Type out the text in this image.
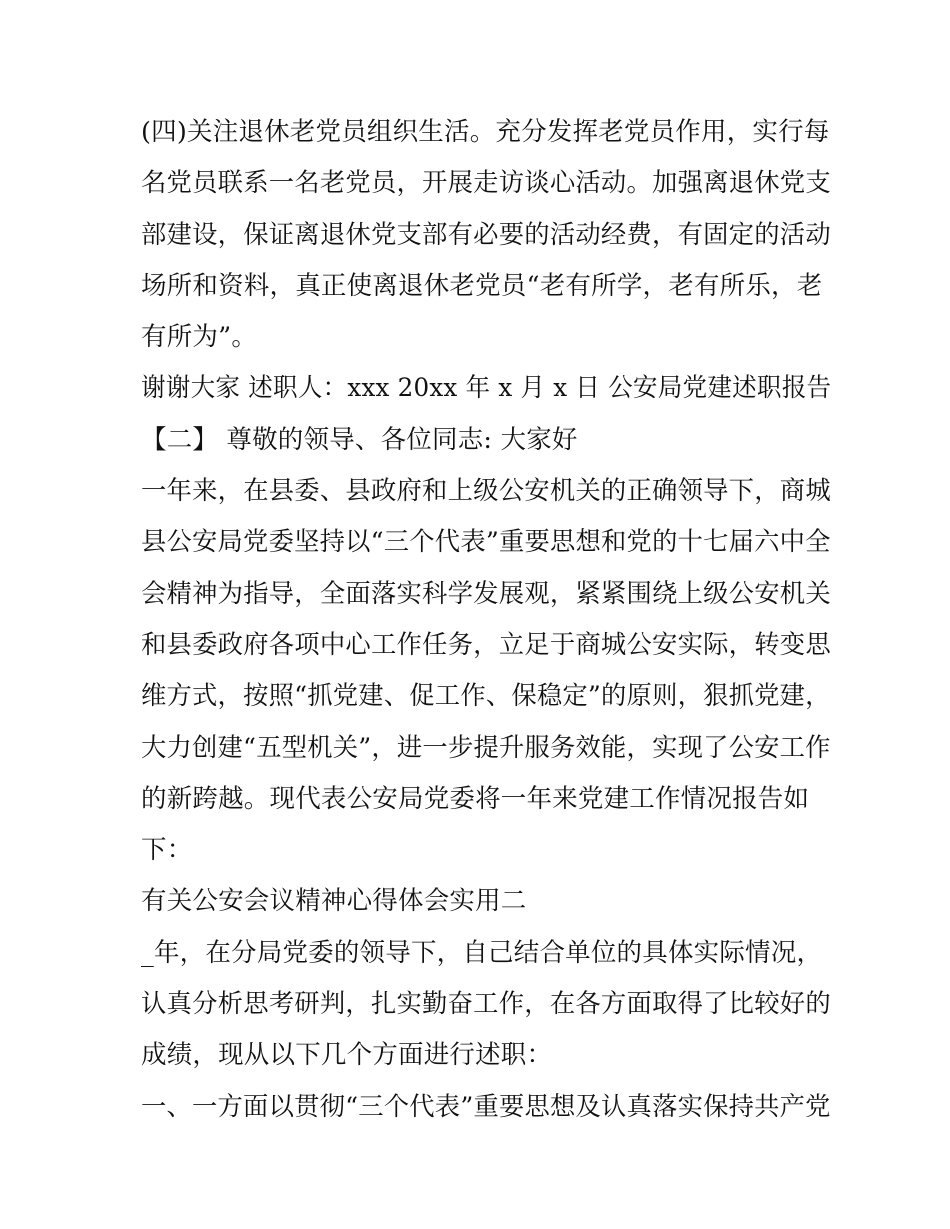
(四)关注退休老党员组织生活。充分发挥老党员作用，实行每
名党员联系一名老党员，开展走访谈心活动。加强离退休党支
部建设，保证离退休党支部有必要的活动经费，有固定的活动
场所和资料，真正使离退休老党员“老有所学，老有所乐，老
有所为”。
谢谢大家 述职人：xxx 20xx 年 x 月 x 日 公安局党建述职报告
【二】 尊敬的领导、各位同志: 大家好
一年来，在县委、县政府和上级公安机关的正确领导下，商城
县公安局党委坚持以“三个代表”重要思想和党的十七届六中全
会精神为指导，全面落实科学发展观，紧紧围绕上级公安机关
和县委政府各项中心工作任务，立足于商城公安实际，转变思
维方式，按照“抓党建、促工作、保稳定”的原则，狠抓党建，
大力创建“五型机关”，进一步提升服务效能，实现了公安工作
的新跨越。现代表公安局党委将一年来党建工作情况报告如
下：
有关公安会议精神心得体会实用二
_年，在分局党委的领导下，自己结合单位的具体实际情况，
认真分析思考研判，扎实勤奋工作，在各方面取得了比较好的
成绩，现从以下几个方面进行述职：
一、一方面以贯彻“三个代表”重要思想及认真落实保持共产党
